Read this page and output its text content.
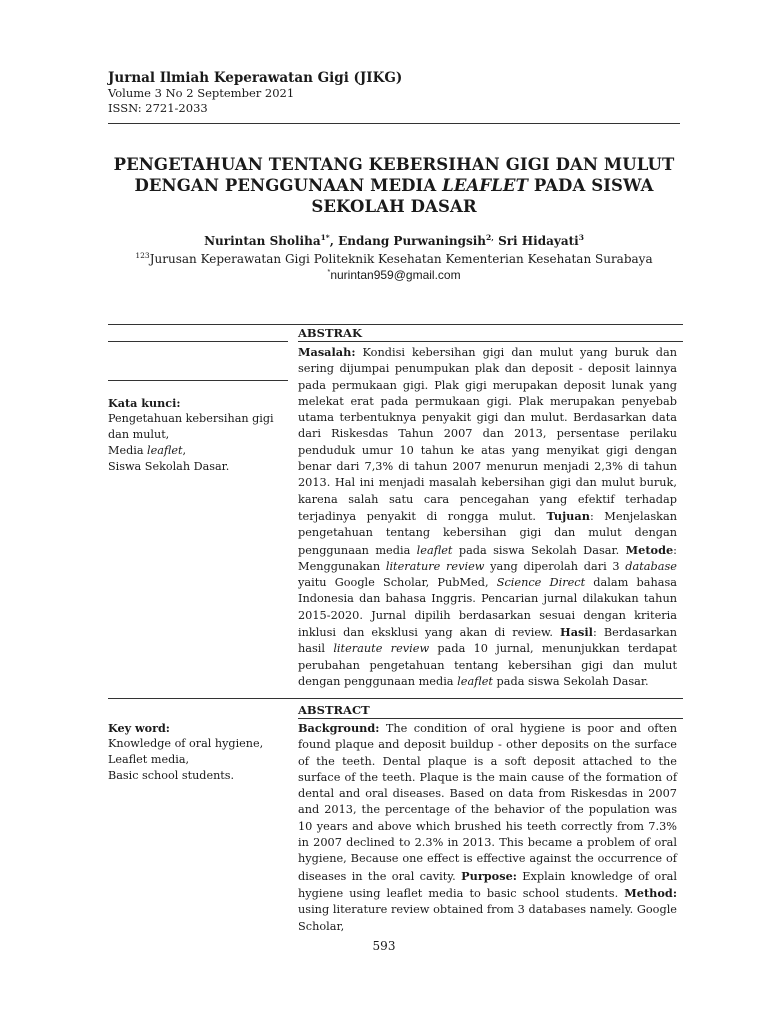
Jurnal Ilmiah Keperawatan Gigi (JIKG)
Volume 3 No 2 September 2021
ISSN: 2721-2033
PENGETAHUAN TENTANG KEBERSIHAN GIGI DAN MULUT
DENGAN PENGGUNAAN MEDIA LEAFLET PADA SISWA
SEKOLAH DASAR
Nurintan Sholiha$^{1*}$, Endang Purwaningsih$^{2,}$ Sri Hidayati$^3$
$^{123}$Jurusan Keperawatan Gigi Politeknik Kesehatan Kementerian Kesehatan Surabaya
*nurintan959@gmail.com
ABSTRAK
Kata kunci:
Pengetahuan kebersihan gigi dan mulut,
Media leaflet,
Siswa Sekolah Dasar.
Masalah: Kondisi kebersihan gigi dan mulut yang buruk dan sering dijumpai penumpukan plak dan deposit - deposit lainnya pada permukaan gigi. Plak gigi merupakan deposit lunak yang melekat erat pada permukaan gigi. Plak merupakan penyebab utama terbentuknya penyakit gigi dan mulut. Berdasarkan data dari Riskesdas Tahun 2007 dan 2013, persentase perilaku penduduk umur 10 tahun ke atas yang menyikat gigi dengan benar dari 7,3% di tahun 2007 menurun menjadi 2,3% di tahun 2013. Hal ini menjadi masalah kebersihan gigi dan mulut buruk, karena salah satu cara pencegahan yang efektif terhadap terjadinya penyakit di rongga mulut. Tujuan: Menjelaskan pengetahuan tentang kebersihan gigi dan mulut dengan penggunaan media leaflet pada siswa Sekolah Dasar. Metode: Menggunakan literature review yang diperolah dari 3 database yaitu Google Scholar, PubMed, Science Direct dalam bahasa Indonesia dan bahasa Inggris. Pencarian jurnal dilakukan tahun 2015-2020. Jurnal dipilih berdasarkan sesuai dengan kriteria inklusi dan eksklusi yang akan di review. Hasil: Berdasarkan hasil literaute review pada 10 jurnal, menunjukkan terdapat perubahan pengetahuan tentang kebersihan gigi dan mulut dengan penggunaan media leaflet pada siswa Sekolah Dasar.
ABSTRACT
Key word:
Knowledge of oral hygiene,
Leaflet media,
Basic school students.
Background: The condition of oral hygiene is poor and often found plaque and deposit buildup - other deposits on the surface of the teeth. Dental plaque is a soft deposit attached to the surface of the teeth. Plaque is the main cause of the formation of dental and oral diseases. Based on data from Riskesdas in 2007 and 2013, the percentage of the behavior of the population was 10 years and above which brushed his teeth correctly from 7.3% in 2007 declined to 2.3% in 2013. This became a problem of oral hygiene, Because one effect is effective against the occurrence of diseases in the oral cavity. Purpose: Explain knowledge of oral hygiene using leaflet media to basic school students. Method: using literature review obtained from 3 databases namely. Google Scholar,
593
